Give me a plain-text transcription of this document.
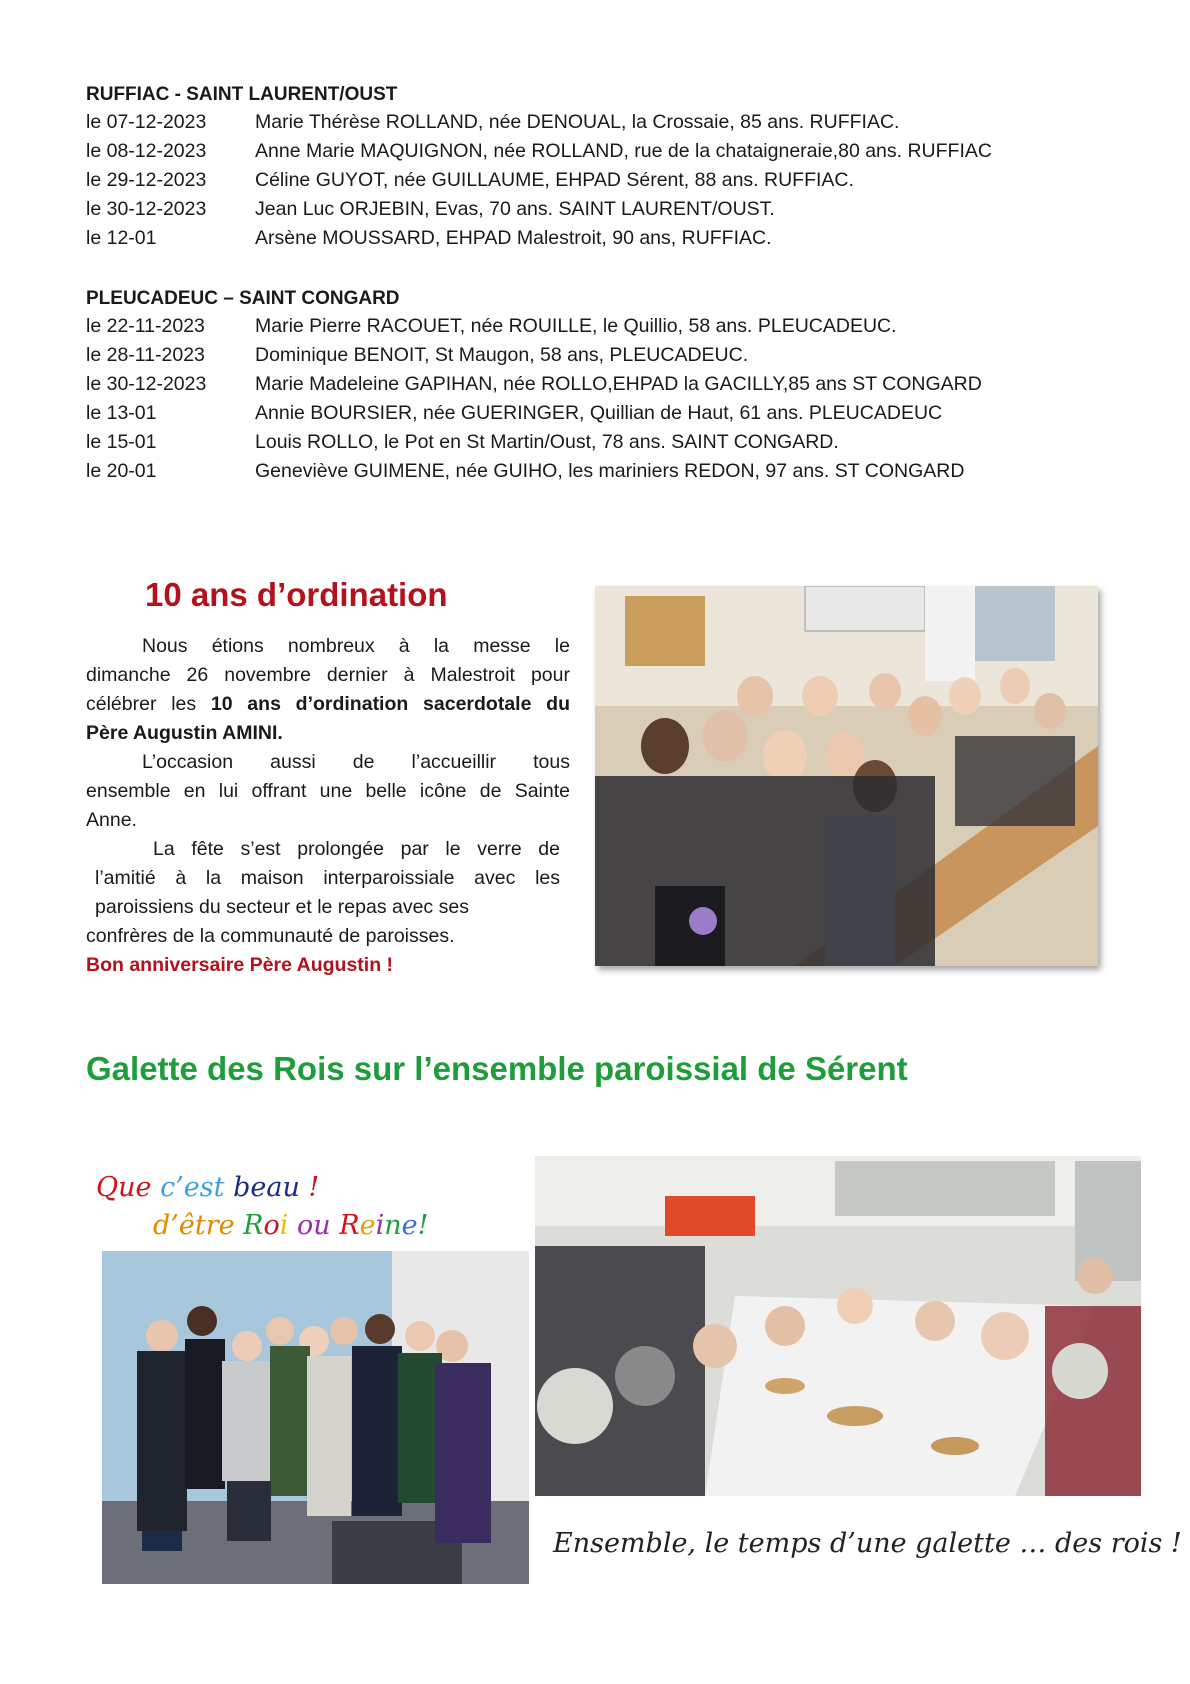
RUFFIAC - SAINT LAURENT/OUST
le 07-12-2023 Marie Thérèse ROLLAND, née DENOUAL, la Crossaie, 85 ans. RUFFIAC.
le 08-12-2023 Anne Marie MAQUIGNON, née ROLLAND, rue de la chataigneraie,80 ans. RUFFIAC
le 29-12-2023 Céline GUYOT, née GUILLAUME, EHPAD Sérent, 88 ans. RUFFIAC.
le 30-12-2023 Jean Luc ORJEBIN, Evas, 70 ans. SAINT LAURENT/OUST.
le 12-01	Arsène MOUSSARD, EHPAD Malestroit, 90 ans, RUFFIAC.
PLEUCADEUC – SAINT CONGARD
le 22-11-2023	Marie Pierre RACOUET, née ROUILLE, le Quillio, 58 ans. PLEUCADEUC.
le 28-11-2023	Dominique BENOIT, St Maugon, 58 ans, PLEUCADEUC.
le 30-12-2023 Marie Madeleine GAPIHAN, née ROLLO,EHPAD la GACILLY,85 ans ST CONGARD
le 13-01	Annie BOURSIER, née GUERINGER, Quillian de Haut, 61 ans. PLEUCADEUC
le 15-01	Louis ROLLO, le Pot en St Martin/Oust, 78 ans. SAINT CONGARD.
le 20-01	Geneviève GUIMENE, née GUIHO, les mariniers REDON, 97 ans. ST CONGARD
10 ans d’ordination
Nous étions nombreux à la messe le
dimanche 26 novembre dernier à Malestroit pour
célébrer les 10 ans d’ordination sacerdotale du
Père Augustin AMINI.
L’occasion aussi de l’accueillir tous
ensemble en lui offrant une belle icône de Sainte
Anne.
La fête s’est prolongée par le verre de
l’amitié à la maison interparoissiale avec les
paroissiens du secteur et le repas avec ses
confrères de la communauté de paroisses.
Bon anniversaire Père Augustin !
Galette des Rois sur l’ensemble paroissial de Sérent
Que c’est beau !
d’être Roi ou Reine!
Ensemble, le temps d’une galette … des rois !
